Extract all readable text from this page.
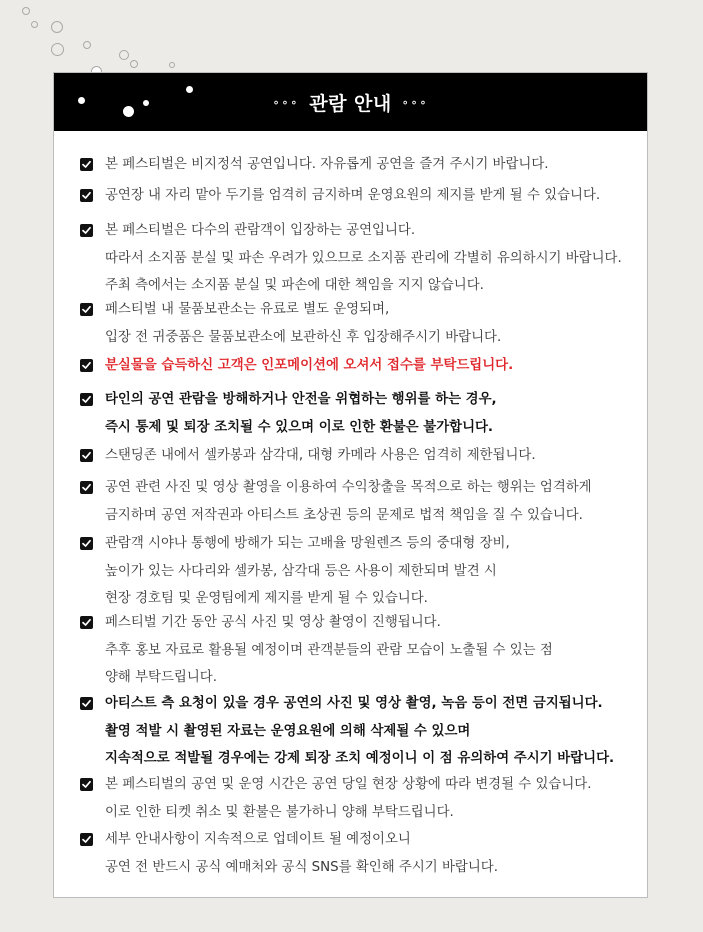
∘∘∘ 관람 안내 ∘∘∘
본 페스티벌은 비지정석 공연입니다. 자유롭게 공연을 즐겨 주시기 바랍니다.
공연장 내 자리 맡아 두기를 엄격히 금지하며 운영요원의 제지를 받게 될 수 있습니다.
본 페스티벌은 다수의 관람객이 입장하는 공연입니다.
따라서 소지품 분실 및 파손 우려가 있으므로 소지품 관리에 각별히 유의하시기 바랍니다.
주최 측에서는 소지품 분실 및 파손에 대한 책임을 지지 않습니다.
페스티벌 내 물품보관소는 유료로 별도 운영되며,
입장 전 귀중품은 물품보관소에 보관하신 후 입장해주시기 바랍니다.
분실물을 습득하신 고객은 인포메이션에 오셔서 접수를 부탁드립니다.
타인의 공연 관람을 방해하거나 안전을 위협하는 행위를 하는 경우,
즉시 통제 및 퇴장 조치될 수 있으며 이로 인한 환불은 불가합니다.
스탠딩존 내에서 셀카봉과 삼각대, 대형 카메라 사용은 엄격히 제한됩니다.
공연 관련 사진 및 영상 촬영을 이용하여 수익창출을 목적으로 하는 행위는 엄격하게
금지하며 공연 저작권과 아티스트 초상권 등의 문제로 법적 책임을 질 수 있습니다.
관람객 시야나 통행에 방해가 되는 고배율 망원렌즈 등의 중대형 장비,
높이가 있는 사다리와 셀카봉, 삼각대 등은 사용이 제한되며 발견 시
현장 경호팀 및 운영팀에게 제지를 받게 될 수 있습니다.
페스티벌 기간 동안 공식 사진 및 영상 촬영이 진행됩니다.
추후 홍보 자료로 활용될 예정이며 관객분들의 관람 모습이 노출될 수 있는 점
양해 부탁드립니다.
아티스트 측 요청이 있을 경우 공연의 사진 및 영상 촬영, 녹음 등이 전면 금지됩니다.
촬영 적발 시 촬영된 자료는 운영요원에 의해 삭제될 수 있으며
지속적으로 적발될 경우에는 강제 퇴장 조치 예정이니 이 점 유의하여 주시기 바랍니다.
본 페스티벌의 공연 및 운영 시간은 공연 당일 현장 상황에 따라 변경될 수 있습니다.
이로 인한 티켓 취소 및 환불은 불가하니 양해 부탁드립니다.
세부 안내사항이 지속적으로 업데이트 될 예정이오니
공연 전 반드시 공식 예매처와 공식 SNS를 확인해 주시기 바랍니다.
